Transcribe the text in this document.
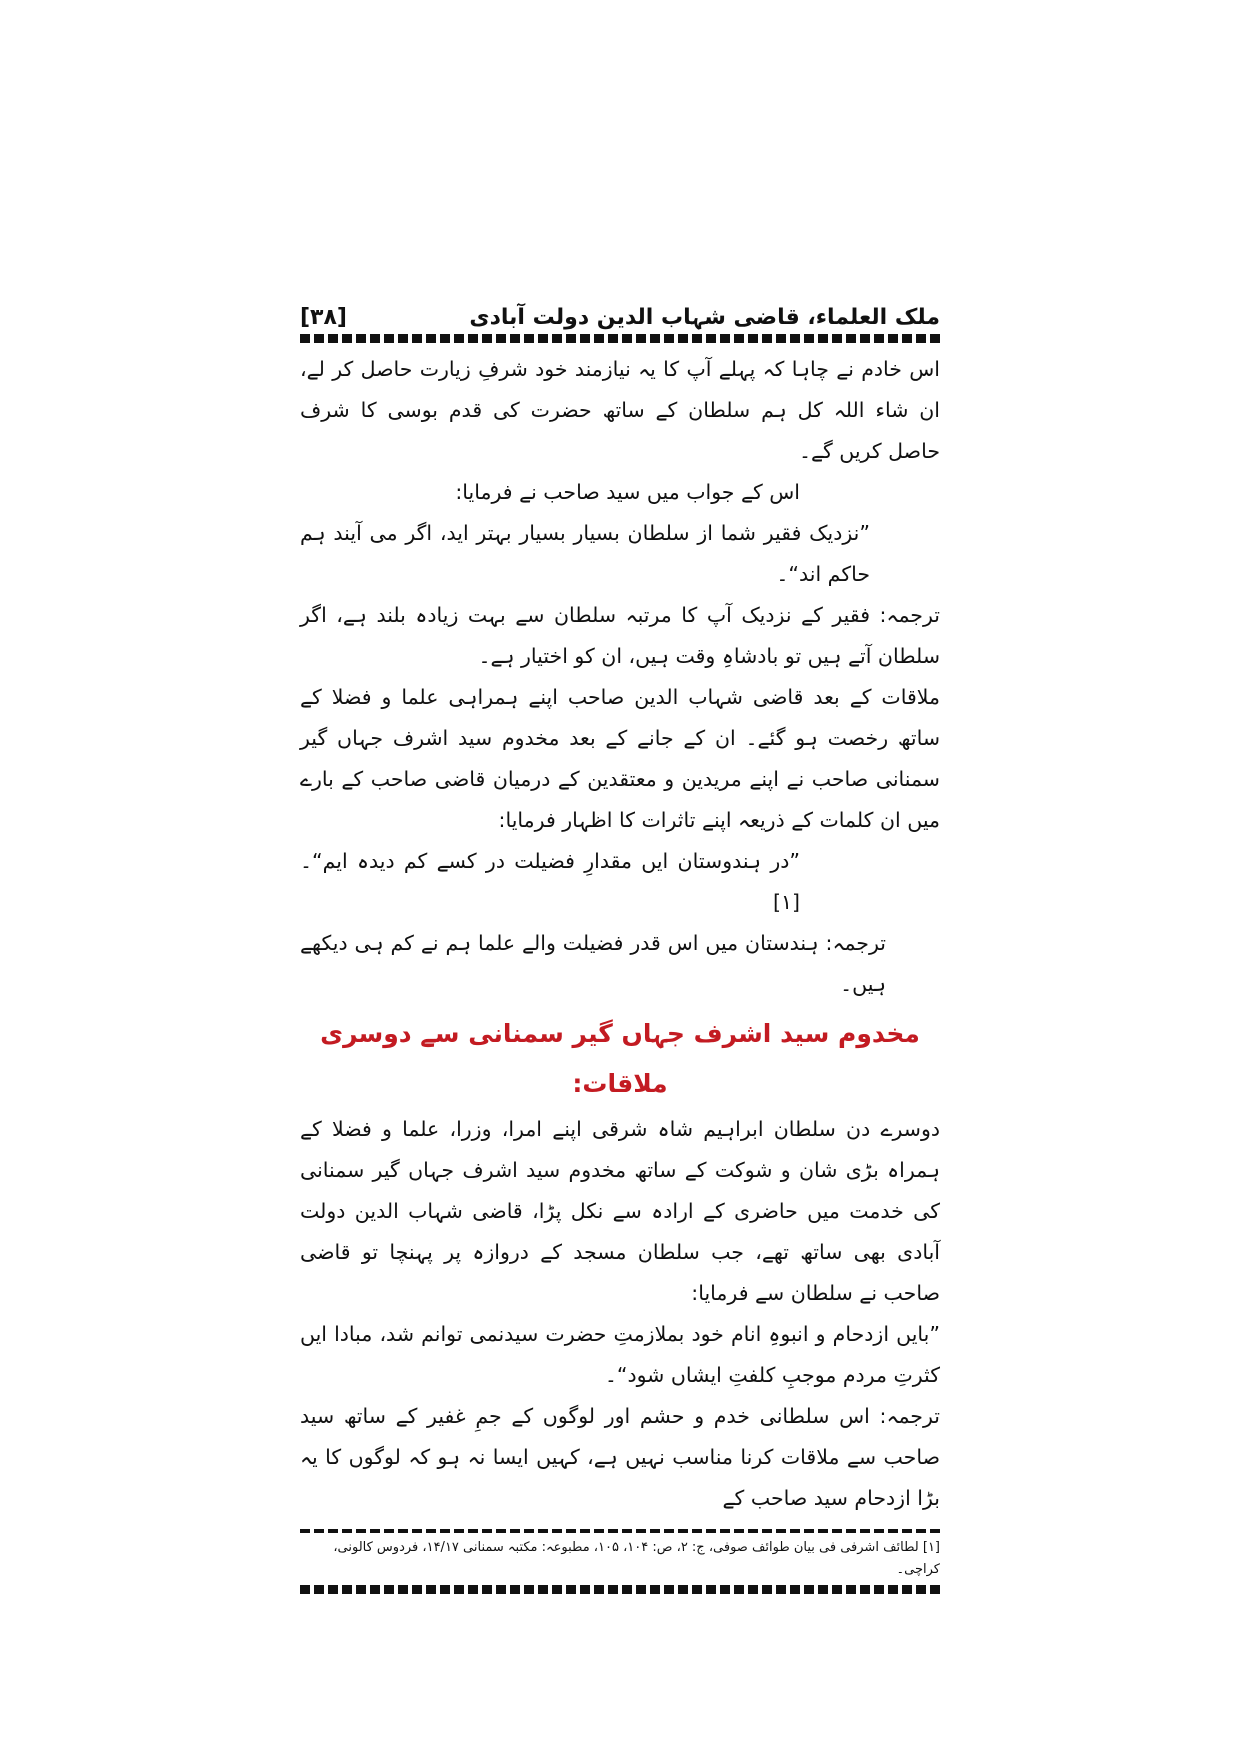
ملک العلماء، قاضی شہاب الدین دولت آبادی
[۳۸]

اس خادم نے چاہا کہ پہلے آپ کا یہ نیازمند خود شرفِ زیارت حاصل کر لے، ان شاء اللہ کل ہم سلطان کے ساتھ حضرت کی قدم بوسی کا شرف حاصل کریں گے۔

اس کے جواب میں سید صاحب نے فرمایا:

”نزدیک فقیر شما از سلطان بسیار بسیار بہتر اید، اگر می آیند ہم حاکم اند“۔

ترجمہ: فقیر کے نزدیک آپ کا مرتبہ سلطان سے بہت زیادہ بلند ہے، اگر سلطان آتے ہیں تو بادشاہِ وقت ہیں، ان کو اختیار ہے۔

ملاقات کے بعد قاضی شہاب الدین صاحب اپنے ہمراہی علما و فضلا کے ساتھ رخصت ہو گئے۔ ان کے جانے کے بعد مخدوم سید اشرف جہاں گیر سمنانی صاحب نے اپنے مریدین و معتقدین کے درمیان قاضی صاحب کے بارے میں ان کلمات کے ذریعہ اپنے تاثرات کا اظہار فرمایا:

”در ہندوستان ایں مقدارِ فضیلت در کسے کم دیدہ ایم“۔[۱]

ترجمہ: ہندستان میں اس قدر فضیلت والے علما ہم نے کم ہی دیکھے ہیں۔

مخدوم سید اشرف جہاں گیر سمنانی سے دوسری ملاقات:

دوسرے دن سلطان ابراہیم شاہ شرقی اپنے امرا، وزرا، علما و فضلا کے ہمراہ بڑی شان و شوکت کے ساتھ مخدوم سید اشرف جہاں گیر سمنانی کی خدمت میں حاضری کے ارادہ سے نکل پڑا، قاضی شہاب الدین دولت آبادی بھی ساتھ تھے، جب سلطان مسجد کے دروازہ پر پہنچا تو قاضی صاحب نے سلطان سے فرمایا:

”بایں ازدحام و انبوہِ انام خود بملازمتِ حضرت سیدنمی توانم شد، مبادا ایں کثرتِ مردم موجبِ کلفتِ ایشاں شود“۔

ترجمہ: اس سلطانی خدم و حشم اور لوگوں کے جمِ غفیر کے ساتھ سید صاحب سے ملاقات کرنا مناسب نہیں ہے، کہیں ایسا نہ ہو کہ لوگوں کا یہ بڑا ازدحام سید صاحب کے

[۱] لطائف اشرفی فی بیان طوائف صوفی، ج: ۲، ص: ۱۰۴، ۱۰۵، مطبوعہ: مکتبہ سمنانی ۱۴/۱۷، فردوس کالونی، کراچی۔
